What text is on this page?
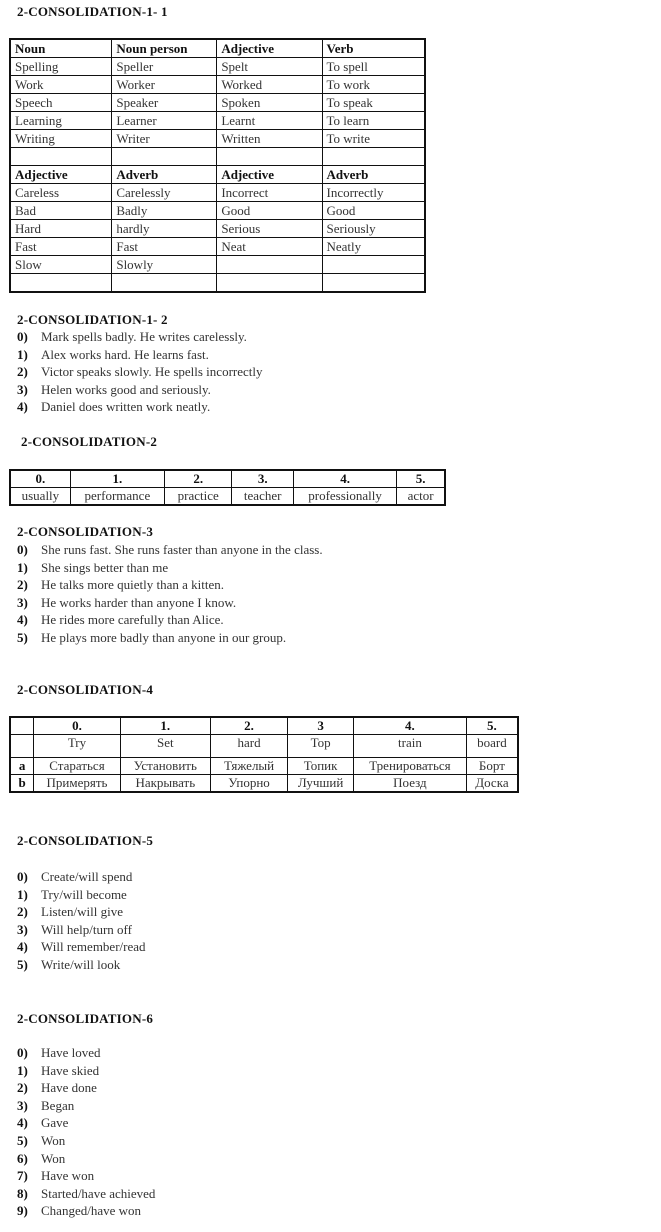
2-CONSOLIDATION-1- 1
Noun	Noun person	Adjective	Verb
Spelling	Speller	Spelt	To spell
Work	Worker	Worked	To work
Speech	Speaker	Spoken	To speak
Learning	Learner	Learnt	To learn
Writing	Writer	Written	To write

Adjective	Adverb	Adjective	Adverb
Careless	Carelessly	Incorrect	Incorrectly
Bad	Badly	Good	Good
Hard	hardly	Serious	Seriously
Fast	Fast	Neat	Neatly
Slow	Slowly		

2-CONSOLIDATION-1- 2
0) Mark spells badly. He writes carelessly.
1) Alex works hard. He learns fast.
2) Victor speaks slowly. He spells incorrectly
3) Helen works good and seriously.
4) Daniel does written work neatly.
2-CONSOLIDATION-2
0.	1.	2.	3.	4.	5.
usually	performance	practice	teacher	professionally	actor
2-CONSOLIDATION-3
0) She runs fast. She runs faster than anyone in the class.
1) She sings better than me
2) He talks more quietly than a kitten.
3) He works harder than anyone I know.
4) He rides more carefully than Alice.
5) He plays more badly than anyone in our group.
2-CONSOLIDATION-4
	0.	1.	2.	3	4.	5.
	Try	Set	hard	Top	train	board
a	Стараться	Установить	Тяжелый	Топик	Тренироваться	Борт
b	Примерять	Накрывать	Упорно	Лучший	Поезд	Доска
2-CONSOLIDATION-5
0) Create/will spend
1) Try/will become
2) Listen/will give
3) Will help/turn off
4) Will remember/read
5) Write/will look
2-CONSOLIDATION-6
0) Have loved
1) Have skied
2) Have done
3) Began
4) Gave
5) Won
6) Won
7) Have won
8) Started/have achieved
9) Changed/have won
